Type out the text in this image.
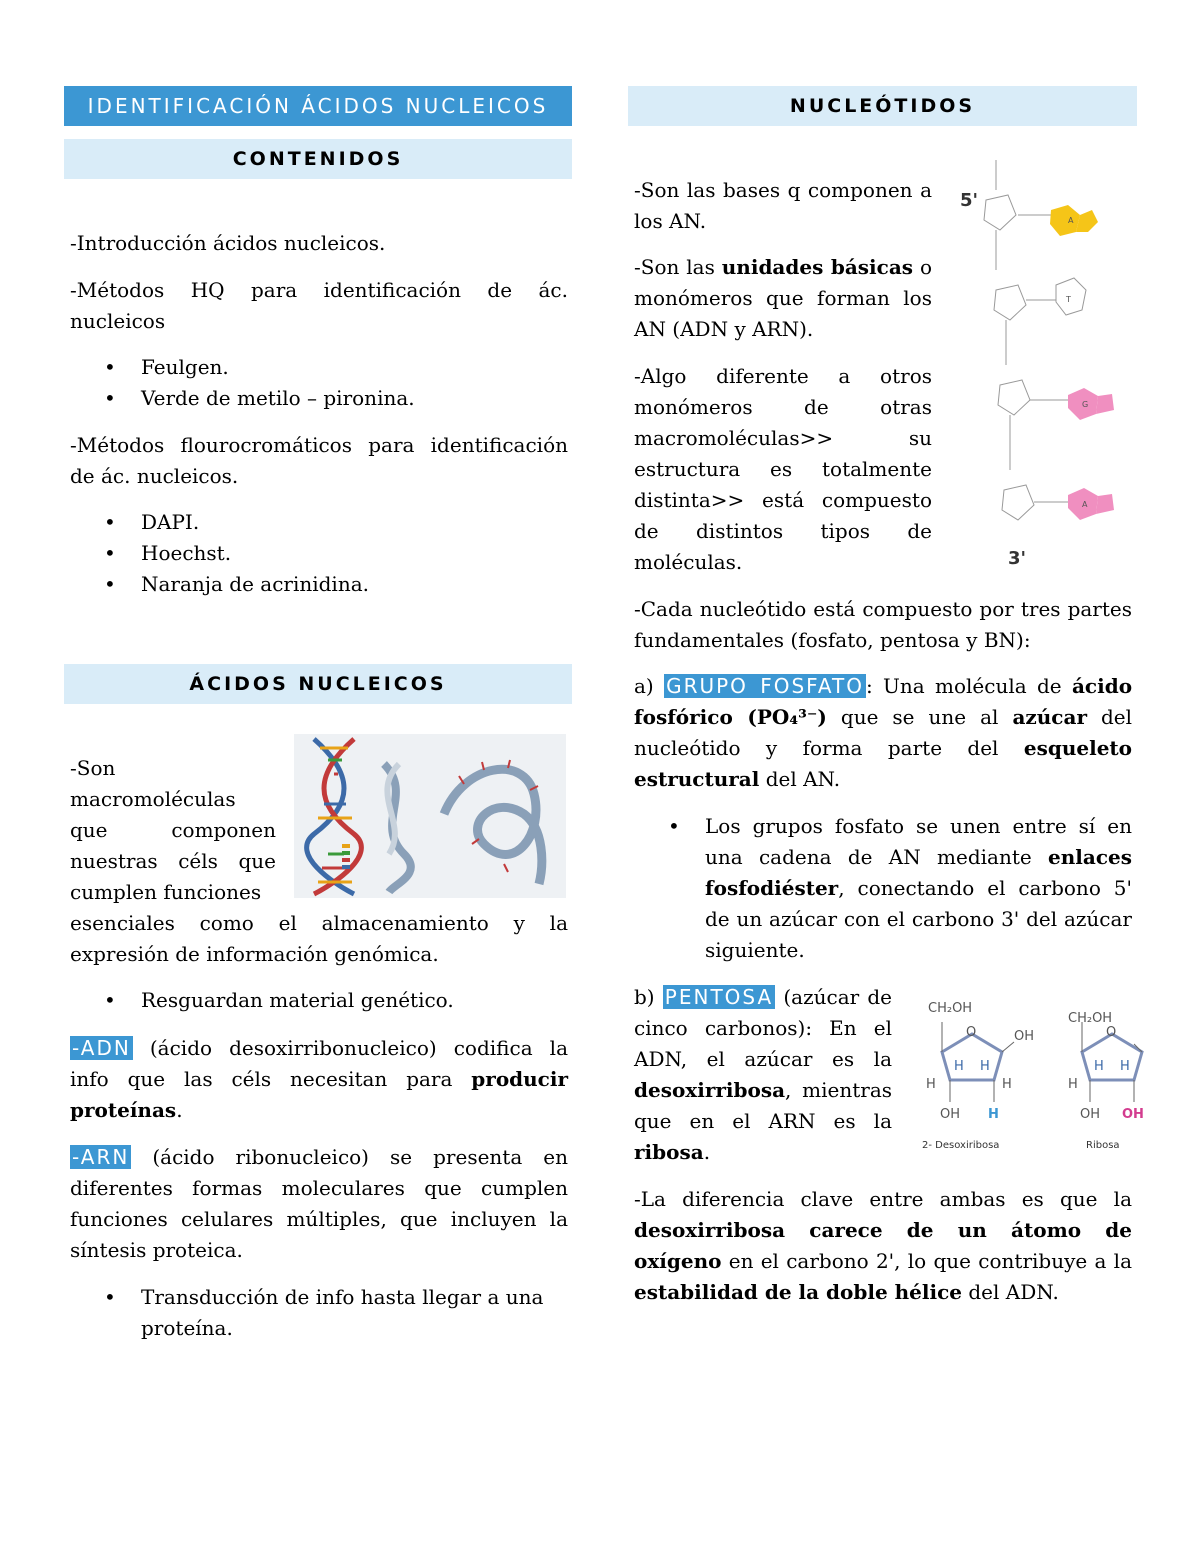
IDENTIFICACIÓN ÁCIDOS NUCLEICOS
CONTENIDOS

-Introducción ácidos nucleicos.

-Métodos HQ para identificación de ác. nucleicos

• Feulgen.
• Verde de metilo – pironina.

-Métodos flourocromáticos para identificación de ác. nucleicos.

• DAPI.
• Hoechst.
• Naranja de acrinidina.
ÁCIDOS NUCLEICOS

-Son macromoléculas que componen nuestras céls que cumplen funciones

esenciales como el almacenamiento y la expresión de información genómica.

• Resguardan material genético.

-ADN (ácido desoxirribonucleico) codifica la info que las céls necesitan para producir proteínas.

-ARN (ácido ribonucleico) se presenta en diferentes formas moleculares que cumplen funciones celulares múltiples, que incluyen la síntesis proteica.

• Transducción de info hasta llegar a una proteína.
NUCLEÓTIDOS

-Son las bases q componen a los AN.

-Son las unidades básicas o monómeros que forman los AN (ADN y ARN).

-Algo diferente a otros monómeros de otras macromoléculas>> su estructura es totalmente distinta>> está compuesto de distintos tipos de moléculas.

A
T
G
A
5'
3'

-Cada nucleótido está compuesto por tres partes fundamentales (fosfato, pentosa y BN):

a) GRUPO FOSFATO : Una molécula de ácido fosfórico (PO₄³⁻) que se une al azúcar del nucleótido y forma parte del esqueleto estructural del AN.

• Los grupos fosfato se unen entre sí en una cadena de AN mediante enlaces fosfodiéster, conectando el carbono 5' de un azúcar con el carbono 3' del azúcar siguiente.

b) PENTOSA (azúcar de cinco carbonos): En el ADN, el azúcar es la desoxirribosa, mientras que en el ARN es la ribosa.

CH₂OH
O	OH
H H
H	H
OH H
CH₂OH
O
H H
H
OH OH
2- Desoxiribosa	Ribosa

-La diferencia clave entre ambas es que la desoxirribosa carece de un átomo de oxígeno en el carbono 2', lo que contribuye a la estabilidad de la doble hélice del ADN.
